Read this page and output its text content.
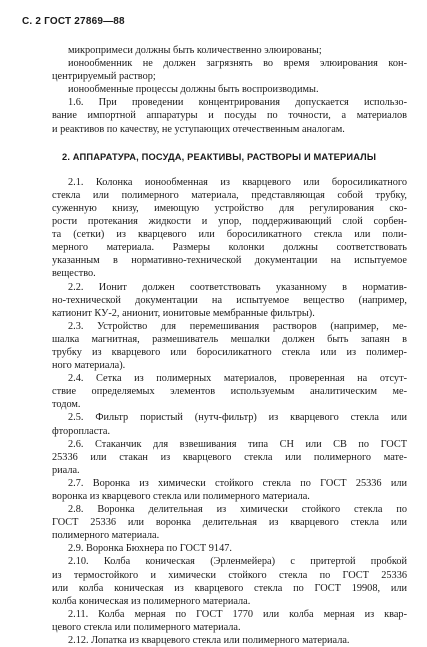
С. 2 ГОСТ 27869—88
микропримеси должны быть количественно элюированы;
ионообменник не должен загрязнять во время элюирования кон-
центрируемый раствор;
ионообменные процессы должны быть воспроизводимы.
1.6. При проведении концентрирования допускается использо-
вание импортной аппаратуры и посуды по точности, а материалов
и реактивов по качеству, не уступающих отечественным аналогам.
2. АППАРАТУРА, ПОСУДА, РЕАКТИВЫ, РАСТВОРЫ И МАТЕРИАЛЫ
2.1. Колонка ионообменная из кварцевого или боросиликатного
стекла или полимерного материала, представляющая собой трубку,
суженную книзу, имеющую устройство для регулирования ско-
рости протекания жидкости и упор, поддерживающий слой сорбен-
та (сетки) из кварцевого или боросиликатного стекла или поли-
мерного материала. Размеры колонки должны соответствовать
указанным в нормативно-технической документации на испытуемое
вещество.
2.2. Ионит должен соответствовать указанному в норматив-
но-технической документации на испытуемое вещество (например,
катионит КУ-2, анионит, ионитовые мембранные фильтры).
2.3. Устройство для перемешивания растворов (например, ме-
шалка магнитная, размешиватель мешалки должен быть запаян в
трубку из кварцевого или боросиликатного стекла или из полимер-
ного материала).
2.4. Сетка из полимерных материалов, проверенная на отсут-
ствие определяемых элементов используемым аналитическим ме-
тодом.
2.5. Фильтр пористый (нутч-фильтр) из кварцевого стекла или
фторопласта.
2.6. Стаканчик для взвешивания типа СН или СВ по ГОСТ
25336 или стакан из кварцевого стекла или полимерного мате-
риала.
2.7. Воронка из химически стойкого стекла по ГОСТ 25336 или
воронка из кварцевого стекла или полимерного материала.
2.8. Воронка делительная из химически стойкого стекла по
ГОСТ 25336 или воронка делительная из кварцевого стекла или
полимерного материала.
2.9. Воронка Бюхнера по ГОСТ 9147.
2.10. Колба коническая (Эрленмейера) с притертой пробкой
из термостойкого и химически стойкого стекла по ГОСТ 25336
или колба коническая из кварцевого стекла по ГОСТ 19908, или
колба коническая из полимерного материала.
2.11. Колба мерная по ГОСТ 1770 или колба мерная из квар-
цевого стекла или полимерного материала.
2.12. Лопатка из кварцевого стекла или полимерного материала.
